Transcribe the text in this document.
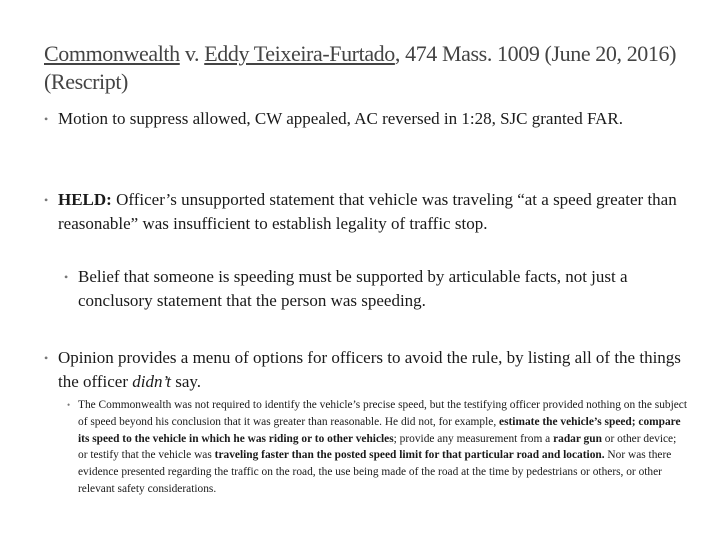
Commonwealth v. Eddy Teixeira-Furtado, 474 Mass. 1009 (June 20, 2016) (Rescript)
• Motion to suppress allowed, CW appealed, AC reversed in 1:28, SJC granted FAR.
• HELD: Officer’s unsupported statement that vehicle was traveling “at a speed greater than reasonable” was insufficient to establish legality of traffic stop.
• Belief that someone is speeding must be supported by articulable facts, not just a conclusory statement that the person was speeding.
• Opinion provides a menu of options for officers to avoid the rule, by listing all of the things the officer didn’t say.
• The Commonwealth was not required to identify the vehicle’s precise speed, but the testifying officer provided nothing on the subject of speed beyond his conclusion that it was greater than reasonable. He did not, for example, estimate the vehicle’s speed; compare its speed to the vehicle in which he was riding or to other vehicles; provide any measurement from a radar gun or other device; or testify that the vehicle was traveling faster than the posted speed limit for that particular road and location. Nor was there evidence presented regarding the traffic on the road, the use being made of the road at the time by pedestrians or others, or other relevant safety considerations.
